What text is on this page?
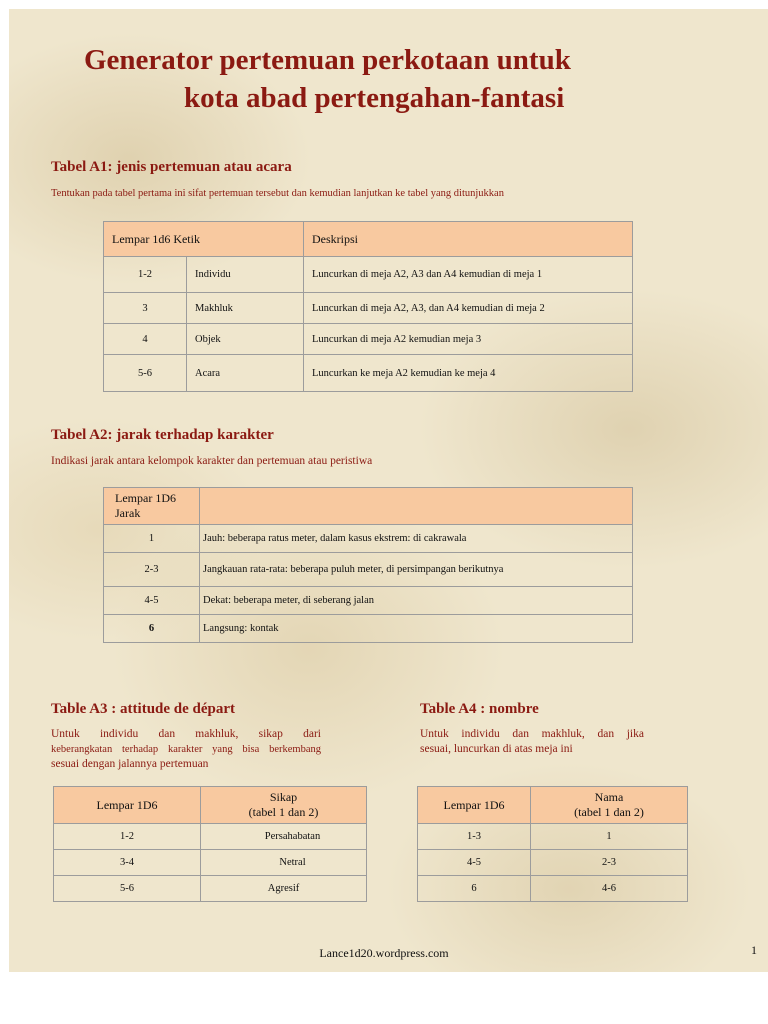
Generator pertemuan perkotaan untuk
kota abad pertengahan-fantasi
Tabel A1: jenis pertemuan atau acara

Tentukan pada tabel pertama ini sifat pertemuan tersebut dan kemudian lanjutkan ke tabel yang ditunjukkan

Lempar 1d6 Ketik		Deskripsi
1-2	Individu	Luncurkan di meja A2, A3 dan A4 kemudian di meja 1
3	Makhluk	Luncurkan di meja A2, A3, dan A4 kemudian di meja 2
4	Objek	Luncurkan di meja A2 kemudian meja 3
5-6	Acara	Luncurkan ke meja A2 kemudian ke meja 4
Tabel A2: jarak terhadap karakter

Indikasi jarak antara kelompok karakter dan pertemuan atau peristiwa

Lempar 1D6 Jarak	
1	Jauh: beberapa ratus meter, dalam kasus ekstrem: di cakrawala
2-3	Jangkauan rata-rata: beberapa puluh meter, di persimpangan berikutnya
4-5	Dekat: beberapa meter, di seberang jalan
6	Langsung: kontak
Table A3 : attitude de départ
Untuk individu dan makhluk, sikap dari
keberangkatan terhadap karakter yang bisa berkembang
sesuai dengan jalannya pertemuan
Lempar 1D6	Sikap
(tabel 1 dan 2)

1-2	Persahabatan
3-4	Netral
5-6	Agresif
Table A4 : nombre
Untuk individu dan makhluk, dan jika
sesuai, luncurkan di atas meja ini
Lempar 1D6	Nama
(tabel 1 dan 2)

1-3	1
4-5	2-3
6	4-6
Lance1d20.wordpress.com	1
